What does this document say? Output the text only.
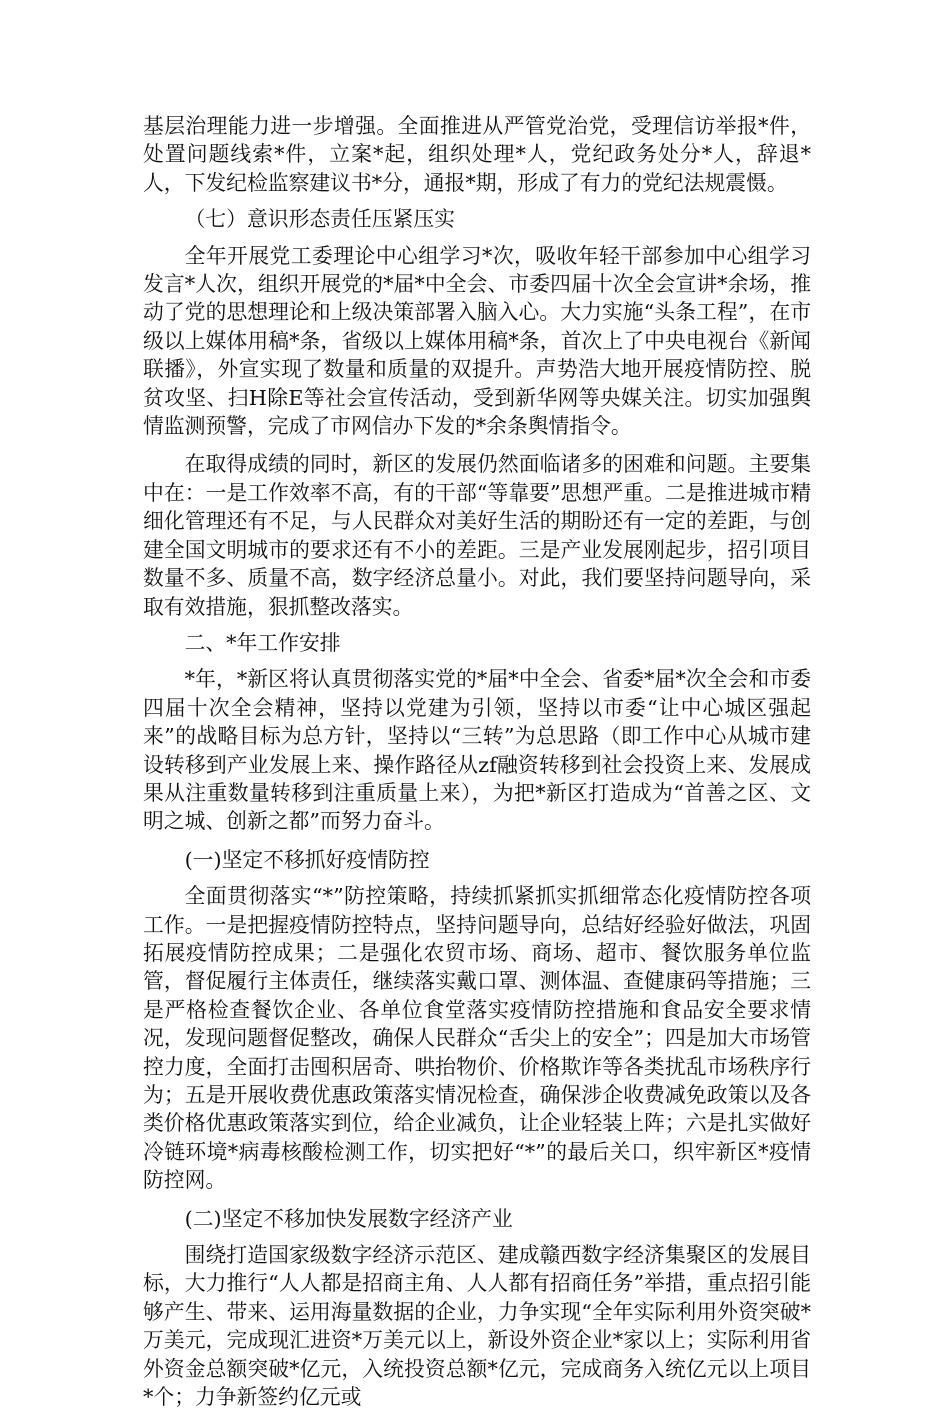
基层治理能力进一步增强。全面推进从严管党治党，受理信访举报*件，处置问题线索*件，立案*起，组织处理*人，党纪政务处分*人，辞退*人，下发纪检监察建议书*分，通报*期，形成了有力的党纪法规震慑。

（七）意识形态责任压紧压实

全年开展党工委理论中心组学习*次，吸收年轻干部参加中心组学习发言*人次，组织开展党的*届*中全会、市委四届十次全会宣讲*余场，推动了党的思想理论和上级决策部署入脑入心。大力实施“头条工程”，在市级以上媒体用稿*条，省级以上媒体用稿*条，首次上了中央电视台《新闻联播》，外宣实现了数量和质量的双提升。声势浩大地开展疫情防控、脱贫攻坚、扫H除E等社会宣传活动，受到新华网等央媒关注。切实加强舆情监测预警，完成了市网信办下发的*余条舆情指令。

在取得成绩的同时，新区的发展仍然面临诸多的困难和问题。主要集中在：一是工作效率不高，有的干部“等靠要”思想严重。二是推进城市精细化管理还有不足，与人民群众对美好生活的期盼还有一定的差距，与创建全国文明城市的要求还有不小的差距。三是产业发展刚起步，招引项目数量不多、质量不高，数字经济总量小。对此，我们要坚持问题导向，采取有效措施，狠抓整改落实。

二、*年工作安排

*年，*新区将认真贯彻落实党的*届*中全会、省委*届*次全会和市委四届十次全会精神，坚持以党建为引领，坚持以市委“让中心城区强起来”的战略目标为总方针，坚持以“三转”为总思路（即工作中心从城市建设转移到产业发展上来、操作路径从zf融资转移到社会投资上来、发展成果从注重数量转移到注重质量上来），为把*新区打造成为“首善之区、文明之城、创新之都”而努力奋斗。

(一)坚定不移抓好疫情防控

全面贯彻落实“*”防控策略，持续抓紧抓实抓细常态化疫情防控各项工作。一是把握疫情防控特点，坚持问题导向，总结好经验好做法，巩固拓展疫情防控成果；二是强化农贸市场、商场、超市、餐饮服务单位监管，督促履行主体责任，继续落实戴口罩、测体温、查健康码等措施；三是严格检查餐饮企业、各单位食堂落实疫情防控措施和食品安全要求情况，发现问题督促整改，确保人民群众“舌尖上的安全”；四是加大市场管控力度，全面打击囤积居奇、哄抬物价、价格欺诈等各类扰乱市场秩序行为；五是开展收费优惠政策落实情况检查，确保涉企收费减免政策以及各类价格优惠政策落实到位，给企业减负，让企业轻装上阵；六是扎实做好冷链环境*病毒核酸检测工作，切实把好“*”的最后关口，织牢新区*疫情防控网。

(二)坚定不移加快发展数字经济产业

围绕打造国家级数字经济示范区、建成赣西数字经济集聚区的发展目标，大力推行“人人都是招商主角、人人都有招商任务”举措，重点招引能够产生、带来、运用海量数据的企业，力争实现“全年实际利用外资突破*万美元，完成现汇进资*万美元以上，新设外资企业*家以上；实际利用省外资金总额突破*亿元，入统投资总额*亿元，完成商务入统亿元以上项目*个；力争新签约亿元或
